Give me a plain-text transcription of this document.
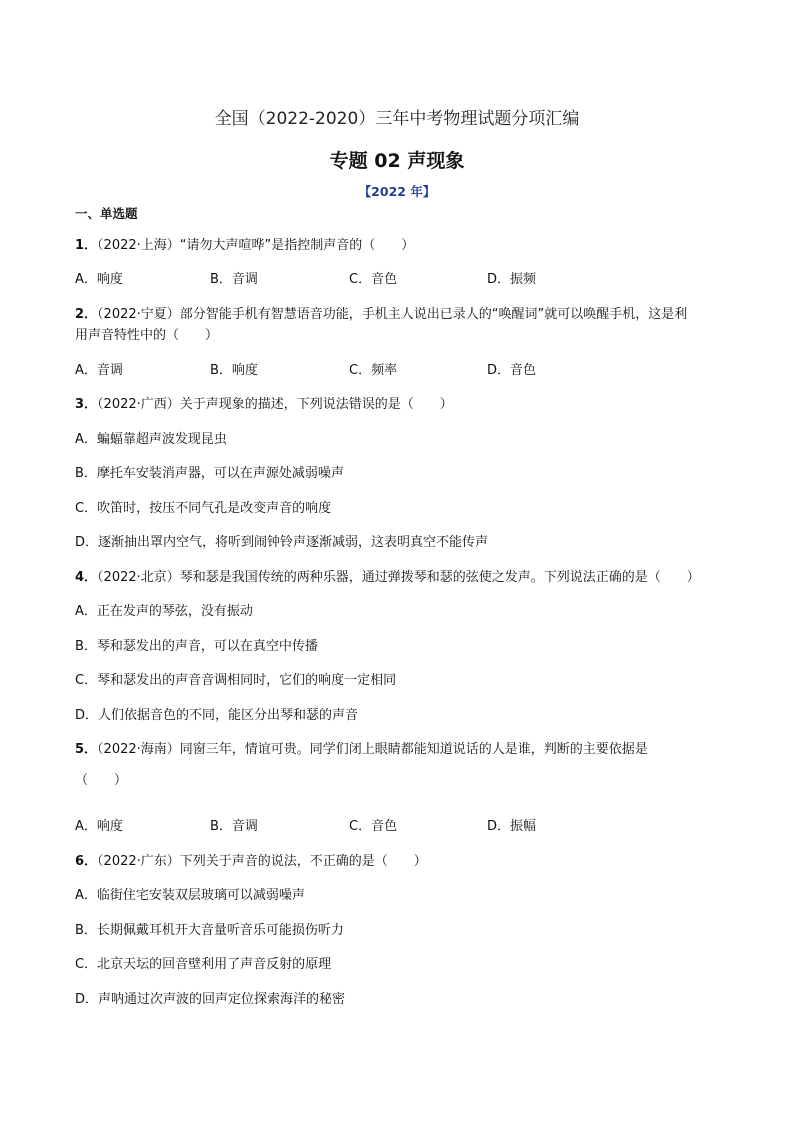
全国（2022-2020）三年中考物理试题分项汇编
专题 02 声现象
【2022 年】
一、单选题
1．（2022·上海）“请勿大声喧哗”是指控制声音的（　　）
A．响度	B．音调	C．音色	D．振频
2．（2022·宁夏）部分智能手机有智慧语音功能，手机主人说出已录人的“唤醒词”就可以唤醒手机，这是利
用声音特性中的（　　）
A．音调	B．响度	C．频率	D．音色
3．（2022·广西）关于声现象的描述，下列说法错误的是（　　）
A．蝙蝠靠超声波发现昆虫
B．摩托车安装消声器，可以在声源处减弱噪声
C．吹笛时，按压不同气孔是改变声音的响度
D．逐渐抽出罩内空气，将听到闹钟铃声逐渐减弱，这表明真空不能传声
4．（2022·北京）琴和瑟是我国传统的两种乐器，通过弹拨琴和瑟的弦使之发声。下列说法正确的是（　　）
A．正在发声的琴弦，没有振动
B．琴和瑟发出的声音，可以在真空中传播
C．琴和瑟发出的声音音调相同时，它们的响度一定相同
D．人们依据音色的不同，能区分出琴和瑟的声音
5．（2022·海南）同窗三年，情谊可贵。同学们闭上眼睛都能知道说话的人是谁，判断的主要依据是
（　　）
A．响度	B．音调	C．音色	D．振幅
6．（2022·广东）下列关于声音的说法，不正确的是（　　）
A．临街住宅安装双层玻璃可以减弱噪声
B．长期佩戴耳机开大音量听音乐可能损伤听力
C．北京天坛的回音壁利用了声音反射的原理
D．声呐通过次声波的回声定位探索海洋的秘密
